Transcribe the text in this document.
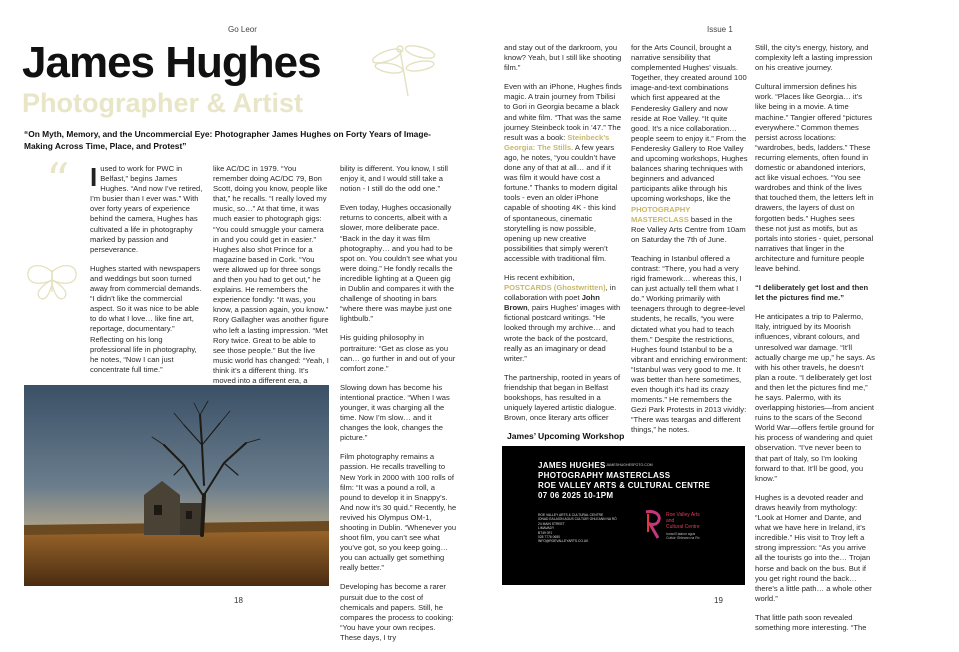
Go Leor
James Hughes
Photographer & Artist
“On Myth, Memory, and the Uncommercial Eye: Photographer James Hughes on Forty Years of Image-Making Across Time, Place, and Protest”
“ Iused to work for PWC in Belfast,” begins James Hughes. “And now I’ve retired, I’m busier than I ever was.” With over forty years of experience behind the camera, Hughes has cultivated a life in photography marked by passion and perseverance.

Hughes started with newspapers and weddings but soon turned away from commercial demands. “I didn’t like the commercial aspect. So it was nice to be able to do what I love… like fine art, reportage, documentary.” Reflecting on his long professional life in photography, he notes, “Now I can just concentrate full time.”

like AC/DC in 1979. “You remember doing AC/DC 79, Bon Scott, doing you know, people like that,” he recalls. “I really loved my music, so…” At that time, it was much easier to photograph gigs: “You could smuggle your camera in and you could get in easier.” Hughes also shot Prince for a magazine based in Cork. “You were allowed up for three songs and then you had to get out,” he explains. He remembers the experience fondly: “It was, you know, a passion again, you know.” Rory Gallagher was another figure who left a lasting impression. “Met Rory twice. Great to be able to see those people.” But the live music world has changed: “Yeah, I think it’s a different thing. It’s moved into a different era, a

bility is different. You know, I still enjoy it, and I would still take a notion - I still do the odd one.”

Even today, Hughes occasionally returns to concerts, albeit with a slower, more deliberate pace. “Back in the day it was film photography… and you had to be spot on. You couldn’t see what you were doing.” He fondly recalls the incredible lighting at a Queen gig in Dublin and compares it with the challenge of shooting in bars “where there was maybe just one lightbulb.”

His guiding philosophy in portraiture: “Get as close as you can… go further in and out of your comfort zone.”

Slowing down has become his intentional practice. “When I was younger, it was charging all the time. Now I’m slow… and it changes the look, changes the picture.”

Film photography remains a passion. He recalls travelling to New York in 2000 with 100 rolls of film: “It was a pound a roll, a pound to develop it in Snappy’s. And now it’s 30 quid.” Recently, he revived his Olympus OM-1, shooting in Dublin. “Whenever you shoot film, you can’t see what you’ve got, so you keep going… you can actually get something really better.”

Developing has become a rarer pursuit due to the cost of chemicals and papers. Still, he compares the process to cooking: “You have your own recipes. These days, I try

18
Issue 1

and stay out of the darkroom, you know? Yeah, but I still like shooting film.”

Even with an iPhone, Hughes finds magic. A train journey from Tbilisi to Gori in Georgia became a black and white film. “That was the same journey Steinbeck took in ’47.” The result was a book: Steinbeck’s Georgia: The Stills. A few years ago, he notes, “you couldn’t have done any of that at all… and if it was film it would have cost a fortune.” Thanks to modern digital tools - even an older iPhone capable of shooting 4K - this kind of spontaneous, cinematic storytelling is now possible, opening up new creative possibilities that simply weren’t accessible with traditional film.

His recent exhibition, POSTCARDS (Ghostwritten), in collaboration with poet John Brown, pairs Hughes’ images with fictional postcard writings. “He looked through my archive… and wrote the back of the postcard, really as an imaginary or dead writer.”

The partnership, rooted in years of friendship that began in Belfast bookshops, has resulted in a uniquely layered artistic dialogue. Brown, once literary arts officer

for the Arts Council, brought a narrative sensibility that complemented Hughes’ visuals. Together, they created around 100 image-and-text combinations which first appeared at the Fenderesky Gallery and now reside at Roe Valley. “It quite good. It’s a nice collaboration… people seem to enjoy it.” From the Fenderesky Gallery to Roe Valley and upcoming workshops, Hughes balances sharing techniques with beginners and advanced participants alike through his upcoming workshops, like the PHOTOGRAPHY MASTERCLASS based in the Roe Valley Arts Centre from 10am on Saturday the 7th of June.

Teaching in Istanbul offered a contrast: “There, you had a very rigid framework… whereas this, I can just actually tell them what I do.” Working primarily with teenagers through to degree-level students, he recalls, “you were dictated what you had to teach them.” Despite the restrictions, Hughes found Istanbul to be a vibrant and enriching environment: “Istanbul was very good to me. It was better than here sometimes, even though it’s had its crazy moments.” He remembers the Gezi Park Protests in 2013 vividly: “There was teargas and different things,” he notes.

Still, the city’s energy, history, and complexity left a lasting impression on his creative journey.

Cultural immersion defines his work. “Places like Georgia… it’s like being in a movie. A time machine.” Tangier offered “pictures everywhere.” Common themes persist across locations: “wardrobes, beds, ladders.” These recurring elements, often found in domestic or abandoned interiors, act like visual echoes. “You see wardrobes and think of the lives that touched them, the letters left in drawers, the layers of dust on forgotten beds.” Hughes sees these not just as motifs, but as portals into stories - quiet, personal narratives that linger in the architecture and furniture people leave behind.

“I deliberately get lost and then let the pictures find me.”

He anticipates a trip to Palermo, Italy, intrigued by its Moorish influences, vibrant colours, and unresolved war damage. “It’ll actually charge me up,” he says. As with his other travels, he doesn’t plan a route. “I deliberately get lost and then let the pictures find me,” he says. Palermo, with its overlapping histories—from ancient ruins to the scars of the Second World War—offers fertile ground for his process of wandering and quiet observation. “I’ve never been to that part of Italy, so I’m looking forward to that. It’ll be good, you know.”

Hughes is a devoted reader and draws heavily from mythology: “Look at Homer and Dante, and what we have here in Ireland, it’s incredible.” His visit to Troy left a strong impression: “As you arrive all the tourists go into the… Trojan horse and back on the bus. But if you get right round the back… there’s a little path… a whole other world.”

That little path soon revealed something more interesting. “The

James’ Upcoming Workshop
JAMES HUGHES JAMESHUGHESFOTO.COM
PHOTOGRAPHY MASTERCLASS
ROE VALLEY ARTS & CULTURAL CENTRE
07 06 2025 10-1PM
ROE VALLEY ARTS & CULTURAL CENTRE
IONAD EALAÍON AGUS CULTÚIR GHLEANN NA RÓ
24 MAIN STREET
LIMAVADY
BT49 0FJ
028 7776 0650
INFO@ROEVALLEYARTS.CO.UK
Roe Valley Arts
and
Cultural Centre
Ionad Ealaíon agus
Cultúir Ghleann na Ró
19
